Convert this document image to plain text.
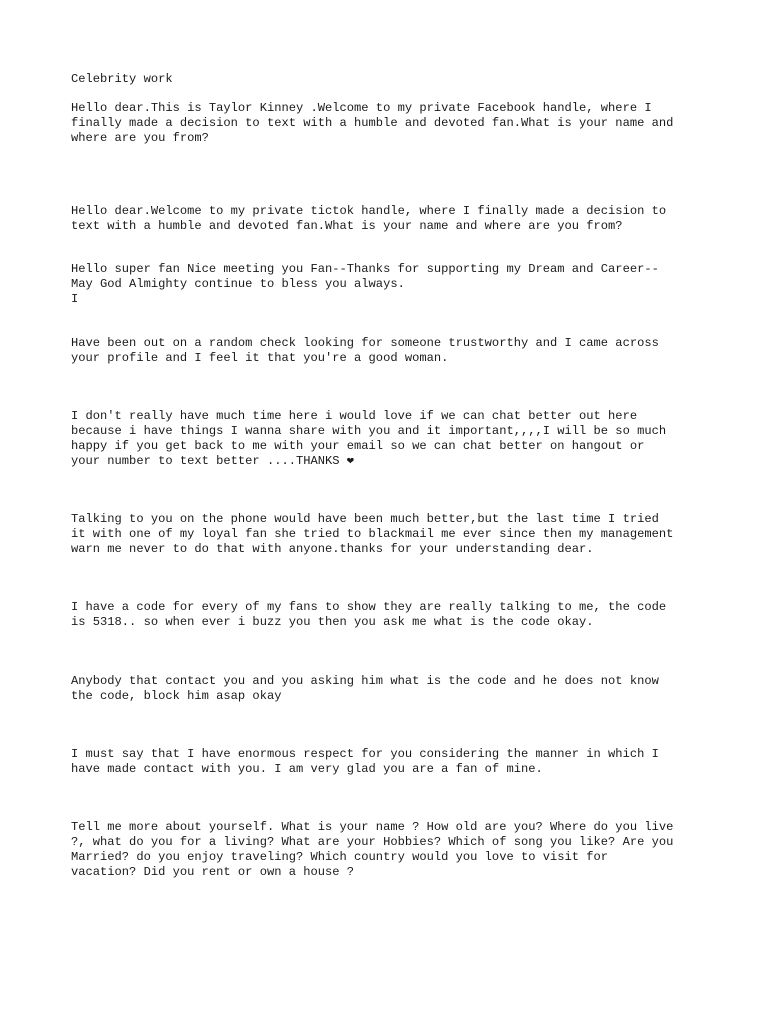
Celebrity work

Hello dear.This is Taylor Kinney .Welcome to my private Facebook handle, where I

finally made a decision to text with a humble and devoted fan.What is your name and

where are you from?

Hello dear.Welcome to my private tictok handle, where I finally made a decision to

text with a humble and devoted fan.What is your name and where are you from?

Hello super fan Nice meeting you Fan--Thanks for supporting my Dream and Career--

May God Almighty continue to bless you always.

I

Have been out on a random check looking for someone trustworthy and I came across

your profile and I feel it that you're a good woman.

I don't really have much time here i would love if we can chat better out here

because i have things I wanna share with you and it important,,,,I will be so much

happy if you get back to me with your email so we can chat better on hangout or

your number to text better ....THANKS ❤

Talking to you on the phone would have been much better,but the last time I tried

it with one of my loyal fan she tried to blackmail me ever since then my management

warn me never to do that with anyone.thanks for your understanding dear.

I have a code for every of my fans to show they are really talking to me, the code

is 5318.. so when ever i buzz you then you ask me what is the code okay.

Anybody that contact you and you asking him what is the code and he does not know

the code, block him asap okay

I must say that I have enormous respect for you considering the manner in which I

have made contact with you. I am very glad you are a fan of mine.

Tell me more about yourself. What is your name ? How old are you? Where do you live

?, what do you for a living? What are your Hobbies? Which of song you like? Are you

Married? do you enjoy traveling? Which country would you love to visit for

vacation? Did you rent or own a house ?
